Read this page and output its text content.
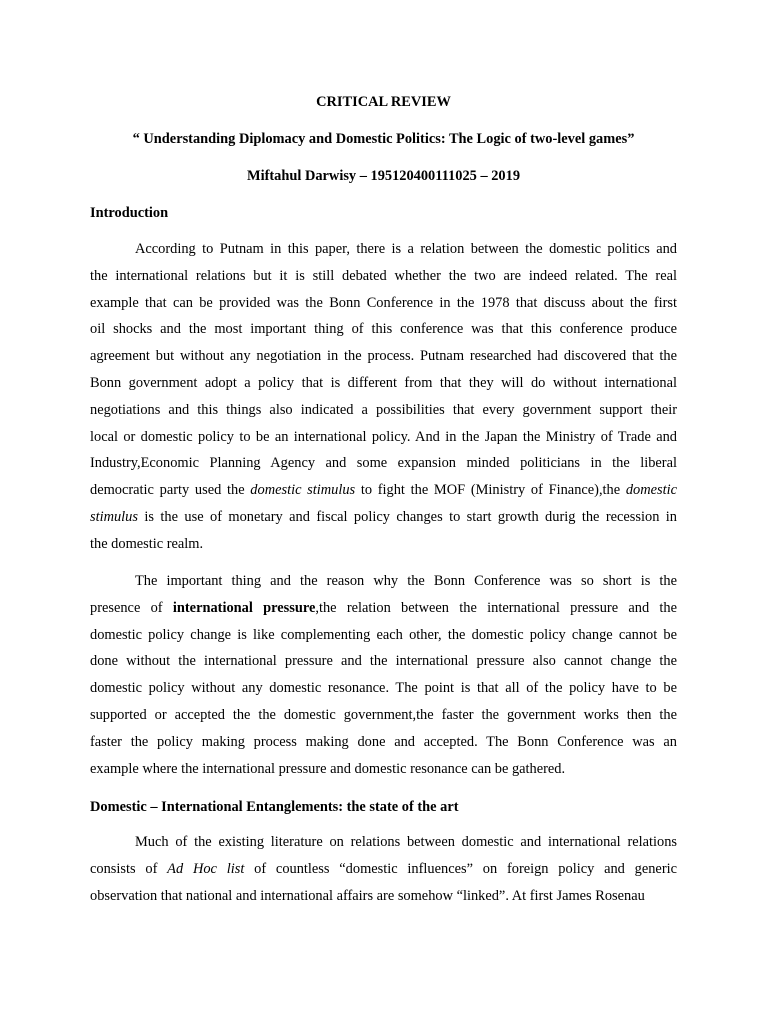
CRITICAL REVIEW
“ Understanding Diplomacy and Domestic Politics: The Logic of two-level games”
Miftahul Darwisy – 195120400111025 – 2019
Introduction
According to Putnam in this paper, there is a relation between the domestic politics and
the international relations but it is still debated whether the two are indeed related. The real
example that can be provided was the Bonn Conference in the 1978 that discuss about the first
oil shocks and the most important thing of this conference was that this conference produce
agreement but without any negotiation in the process. Putnam researched had discovered that the
Bonn government adopt a policy that is different from that they will do without international
negotiations and this things also indicated a possibilities that every government support their
local or domestic policy to be an international policy. And in the Japan the Ministry of Trade and
Industry,Economic Planning Agency and some expansion minded politicians in the liberal
democratic party used the domestic stimulus to fight the MOF (Ministry of Finance),the domestic
stimulus is the use of monetary and fiscal policy changes to start growth durig the recession in
the domestic realm.
The important thing and the reason why the Bonn Conference was so short is the
presence of international pressure,the relation between the international pressure and the
domestic policy change is like complementing each other, the domestic policy change cannot be
done without the international pressure and the international pressure also cannot change the
domestic policy without any domestic resonance. The point is that all of the policy have to be
supported or accepted the the domestic government,the faster the government works then the
faster the policy making process making done and accepted. The Bonn Conference was an
example where the international pressure and domestic resonance can be gathered.
Domestic – International Entanglements: the state of the art
Much of the existing literature on relations between domestic and international relations
consists of Ad Hoc list of countless “domestic influences” on foreign policy and generic
observation that national and international affairs are somehow “linked”. At first James Rosenau
